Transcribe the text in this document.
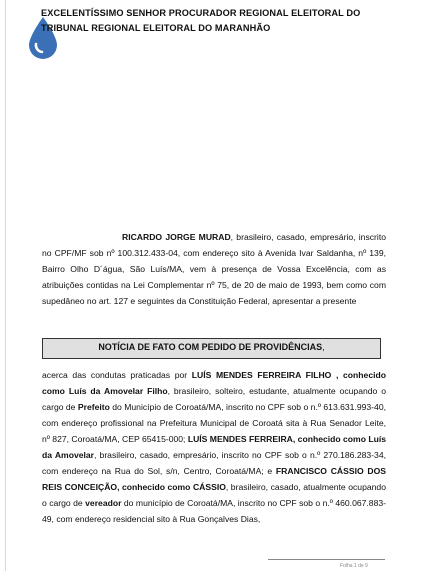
EXCELENTÍSSIMO SENHOR PROCURADOR REGIONAL ELEITORAL DO
TRIBUNAL REGIONAL ELEITORAL DO MARANHÃO
RICARDO JORGE MURAD, brasileiro, casado, empresário, inscrito no CPF/MF sob nº 100.312.433-04, com endereço sito à Avenida Ivar Saldanha, nº 139, Bairro Olho D´água, São Luís/MA, vem à presença de Vossa Excelência, com as atribuições contidas na Lei Complementar nº 75, de 20 de maio de 1993, bem como com supedâneo no art. 127 e seguintes da Constituição Federal, apresentar a presente
NOTÍCIA DE FATO COM PEDIDO DE PROVIDÊNCIAS,
acerca das condutas praticadas por LUÍS MENDES FERREIRA FILHO , conhecido como Luís da Amovelar Filho, brasileiro, solteiro, estudante, atualmente ocupando o cargo de Prefeito do Município de Coroatá/MA, inscrito no CPF sob o n.º 613.631.993-40, com endereço profissional na Prefeitura Municipal de Coroatá sita à Rua Senador Leite, nº 827, Coroatá/MA, CEP 65415-000; LUÍS MENDES FERREIRA, conhecido como Luís da Amovelar, brasileiro, casado, empresário, inscrito no CPF sob o n.º 270.186.283-34, com endereço na Rua do Sol, s/n, Centro, Coroatá/MA; e FRANCISCO CÁSSIO DOS REIS CONCEIÇÃO, conhecido como CÁSSIO, brasileiro, casado, atualmente ocupando o cargo de vereador do município de Coroatá/MA, inscrito no CPF sob o n.º 460.067.883-49, com endereço residencial sito à Rua Gonçalves Dias,
Folha 1 de 9
